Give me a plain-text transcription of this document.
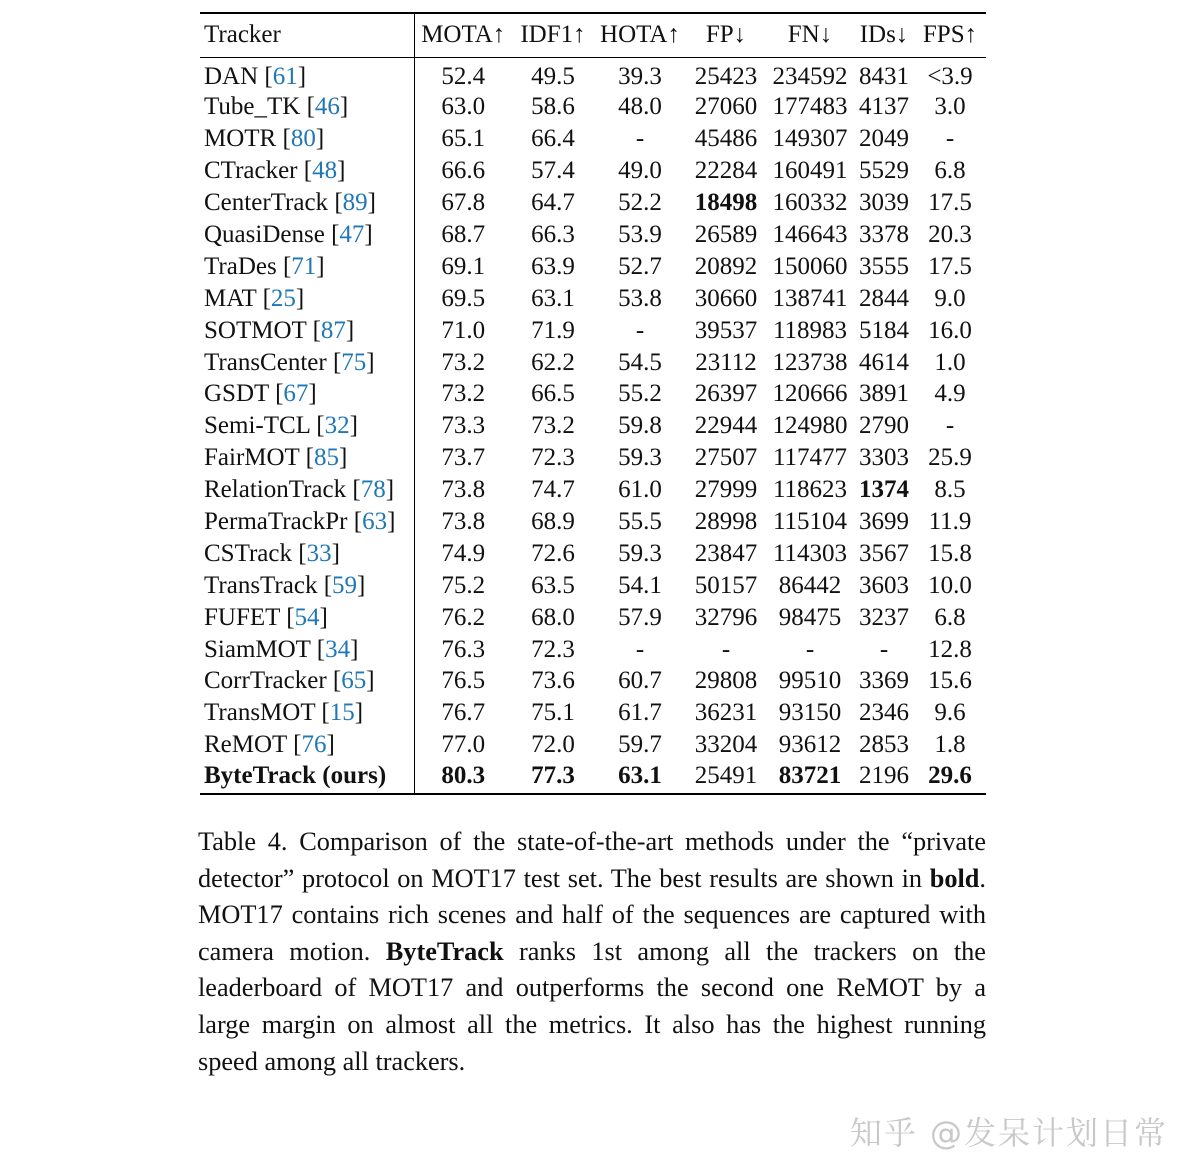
Tracker	MOTA↑	IDF1↑	HOTA↑	FP↓	FN↓	IDs↓	FPS↑
DAN [61]	52.4	49.5	39.3	25423	234592	8431	<3.9
Tube_TK [46]	63.0	58.6	48.0	27060	177483	4137	3.0
MOTR [80]	65.1	66.4	-	45486	149307	2049	-
CTracker [48]	66.6	57.4	49.0	22284	160491	5529	6.8
CenterTrack [89]	67.8	64.7	52.2	18498	160332	3039	17.5
QuasiDense [47]	68.7	66.3	53.9	26589	146643	3378	20.3
TraDes [71]	69.1	63.9	52.7	20892	150060	3555	17.5
MAT [25]	69.5	63.1	53.8	30660	138741	2844	9.0
SOTMOT [87]	71.0	71.9	-	39537	118983	5184	16.0
TransCenter [75]	73.2	62.2	54.5	23112	123738	4614	1.0
GSDT [67]	73.2	66.5	55.2	26397	120666	3891	4.9
Semi-TCL [32]	73.3	73.2	59.8	22944	124980	2790	-
FairMOT [85]	73.7	72.3	59.3	27507	117477	3303	25.9
RelationTrack [78]	73.8	74.7	61.0	27999	118623	1374	8.5
PermaTrackPr [63]	73.8	68.9	55.5	28998	115104	3699	11.9
CSTrack [33]	74.9	72.6	59.3	23847	114303	3567	15.8
TransTrack [59]	75.2	63.5	54.1	50157	86442	3603	10.0
FUFET [54]	76.2	68.0	57.9	32796	98475	3237	6.8
SiamMOT [34]	76.3	72.3	-	-	-	-	12.8
CorrTracker [65]	76.5	73.6	60.7	29808	99510	3369	15.6
TransMOT [15]	76.7	75.1	61.7	36231	93150	2346	9.6
ReMOT [76]	77.0	72.0	59.7	33204	93612	2853	1.8
ByteTrack (ours)	80.3	77.3	63.1	25491	83721	2196	29.6

Table 4. Comparison of the state-of-the-art methods under the “private detector” protocol on MOT17 test set. The best results are shown in bold. MOT17 contains rich scenes and half of the sequences are captured with camera motion. ByteTrack ranks 1st among all the trackers on the leaderboard of MOT17 and outperforms the second one ReMOT by a large margin on almost all the metrics. It also has the highest running speed among all trackers.

知乎 @发呆计划日常
